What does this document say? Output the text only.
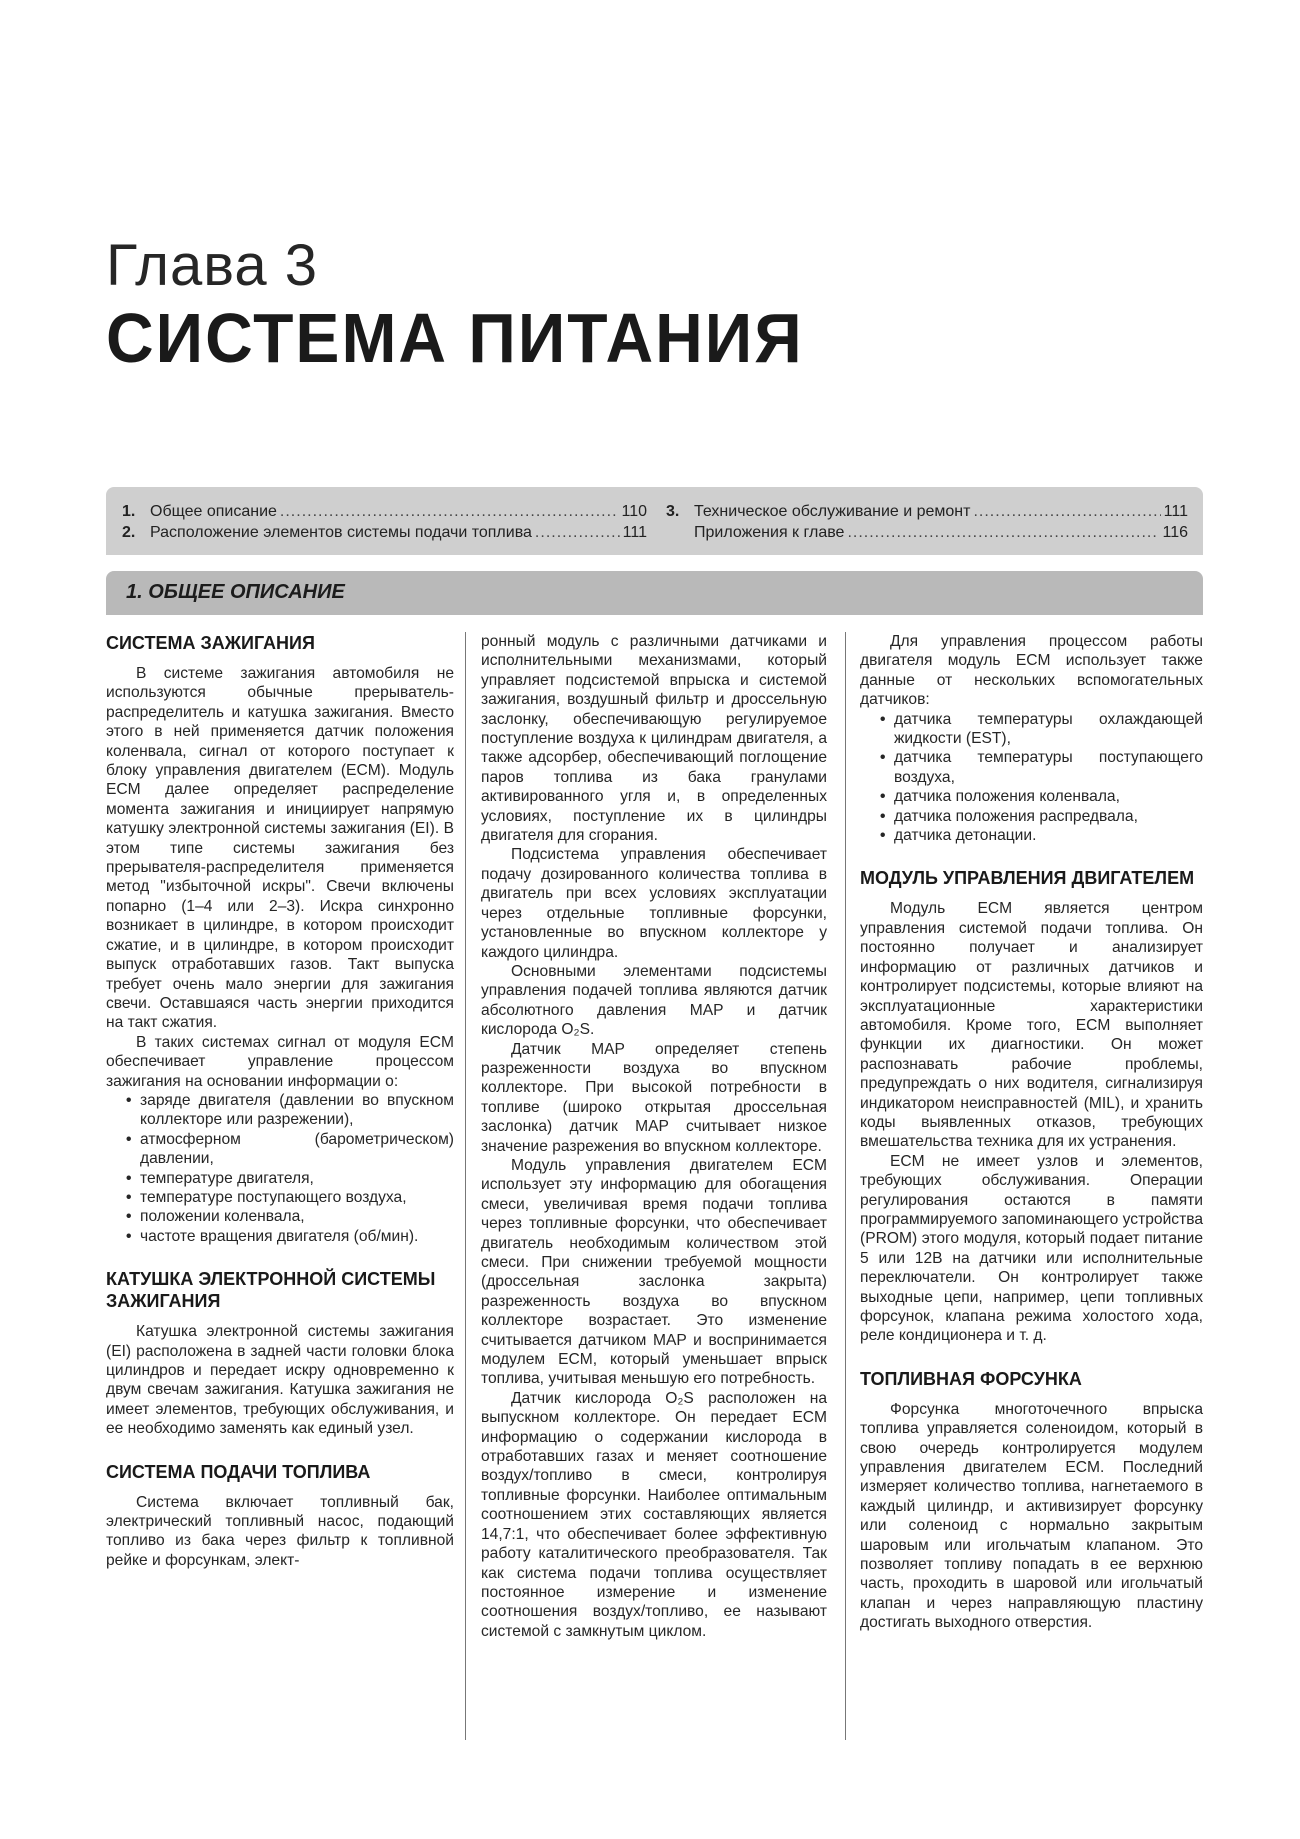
Глава 3
СИСТЕМА ПИТАНИЯ
1. Общее описание .....	110
2. Расположение элементов системы подачи топлива .....	111
3. Техническое обслуживание и ремонт .....	111
Приложения к главе .....	116
1. ОБЩЕЕ ОПИСАНИЕ
СИСТЕМА ЗАЖИГАНИЯ

В системе зажигания автомобиля не используются обычные прерыватель-распределитель и катушка зажигания. Вместо этого в ней применяется датчик положения коленвала, сигнал от которого поступает к блоку управления двигателем (ECM). Модуль ECM далее определяет распределение момента зажигания и инициирует напрямую катушку электронной системы зажигания (EI). В этом типе системы зажигания без прерывателя-распределителя применяется метод "избыточной искры". Свечи включены попарно (1–4 или 2–3). Искра синхронно возникает в цилиндре, в котором происходит сжатие, и в цилиндре, в котором происходит выпуск отработавших газов. Такт выпуска требует очень мало энергии для зажигания свечи. Оставшаяся часть энергии приходится на такт сжатия.

В таких системах сигнал от модуля ECM обеспечивает управление процессом зажигания на основании информации о:

• заряде двигателя (давлении во впускном коллекторе или разрежении),
• атмосферном (барометрическом) давлении,
• температуре двигателя,
• температуре поступающего воздуха,
• положении коленвала,
• частоте вращения двигателя (об/мин).
КАТУШКА ЭЛЕКТРОННОЙ СИСТЕМЫ ЗАЖИГАНИЯ

Катушка электронной системы зажигания (EI) расположена в задней части головки блока цилиндров и передает искру одновременно к двум свечам зажигания. Катушка зажигания не имеет элементов, требующих обслуживания, и ее необходимо заменять как единый узел.

СИСТЕМА ПОДАЧИ ТОПЛИВА

Система включает топливный бак, электрический топливный насос, подающий топливо из бака через фильтр к топливной рейке и форсункам, элект-

ронный модуль с различными датчиками и исполнительными механизмами, который управляет подсистемой впрыска и системой зажигания, воздушный фильтр и дроссельную заслонку, обеспечивающую регулируемое поступление воздуха к цилиндрам двигателя, а также адсорбер, обеспечивающий поглощение паров топлива из бака гранулами активированного угля и, в определенных условиях, поступление их в цилиндры двигателя для сгорания.

Подсистема управления обеспечивает подачу дозированного количества топлива в двигатель при всех условиях эксплуатации через отдельные топливные форсунки, установленные во впускном коллекторе у каждого цилиндра.

Основными элементами подсистемы управления подачей топлива являются датчик абсолютного давления MAP и датчик кислорода O₂S.

Датчик MAP определяет степень разреженности воздуха во впускном коллекторе. При высокой потребности в топливе (широко открытая дроссельная заслонка) датчик MAP считывает низкое значение разрежения во впускном коллекторе.

Модуль управления двигателем ECM использует эту информацию для обогащения смеси, увеличивая время подачи топлива через топливные форсунки, что обеспечивает двигатель необходимым количеством этой смеси. При снижении требуемой мощности (дроссельная заслонка закрыта) разреженность воздуха во впускном коллекторе возрастает. Это изменение считывается датчиком MAP и воспринимается модулем ECM, который уменьшает впрыск топлива, учитывая меньшую его потребность.

Датчик кислорода O₂S расположен на выпускном коллекторе. Он передает ECM информацию о содержании кислорода в отработавших газах и меняет соотношение воздух/топливо в смеси, контролируя топливные форсунки. Наиболее оптимальным соотношением этих составляющих является 14,7:1, что обеспечивает более эффективную работу каталитического преобразователя. Так как система подачи топлива осуществляет постоянное измерение и изменение соотношения воздух/топливо, ее называют системой с замкнутым циклом.

Для управления процессом работы двигателя модуль ECM использует также данные от нескольких вспомогательных датчиков:

• датчика температуры охлаждающей жидкости (EST),
• датчика температуры поступающего воздуха,
• датчика положения коленвала,
• датчика положения распредвала,
• датчика детонации.
МОДУЛЬ УПРАВЛЕНИЯ ДВИГАТЕЛЕМ

Модуль ECM является центром управления системой подачи топлива. Он постоянно получает и анализирует информацию от различных датчиков и контролирует подсистемы, которые влияют на эксплуатационные характеристики автомобиля. Кроме того, ECM выполняет функции их диагностики. Он может распознавать рабочие проблемы, предупреждать о них водителя, сигнализируя индикатором неисправностей (MIL), и хранить коды выявленных отказов, требующих вмешательства техника для их устранения.

ECM не имеет узлов и элементов, требующих обслуживания. Операции регулирования остаются в памяти программируемого запоминающего устройства (PROM) этого модуля, который подает питание 5 или 12В на датчики или исполнительные переключатели. Он контролирует также выходные цепи, например, цепи топливных форсунок, клапана режима холостого хода, реле кондиционера и т. д.

ТОПЛИВНАЯ ФОРСУНКА

Форсунка многоточечного впрыска топлива управляется соленоидом, который в свою очередь контролируется модулем управления двигателем ECM. Последний измеряет количество топлива, нагнетаемого в каждый цилиндр, и активизирует форсунку или соленоид с нормально закрытым шаровым или игольчатым клапаном. Это позволяет топливу попадать в ее верхнюю часть, проходить в шаровой или игольчатый клапан и через направляющую пластину достигать выходного отверстия.
